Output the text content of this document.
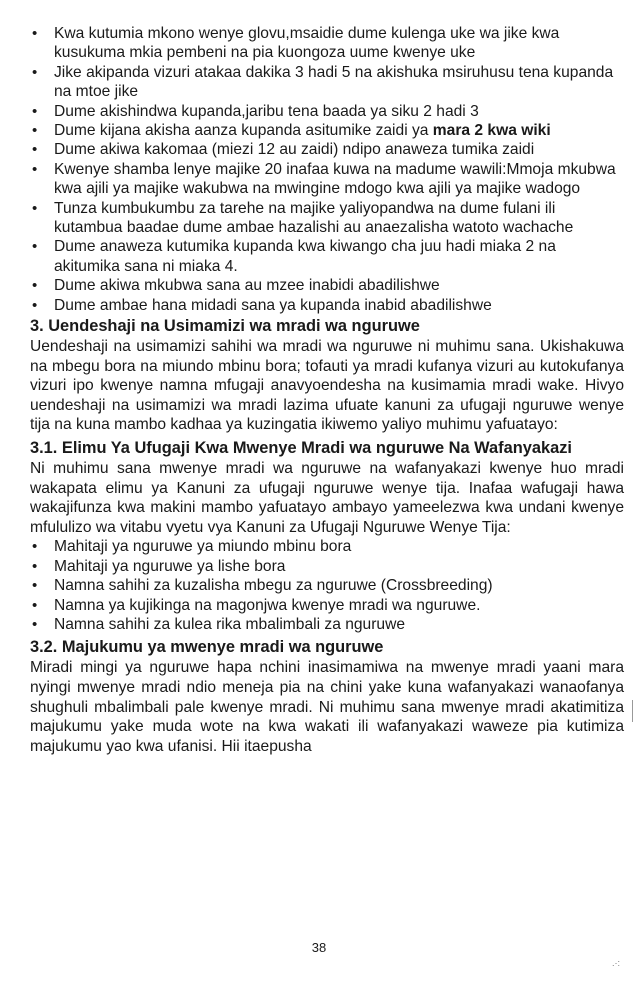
• Kwa kutumia mkono wenye glovu,msaidie dume kulenga uke wa jike kwa kusukuma mkia pembeni na pia kuongoza uume kwenye uke
• Jike akipanda vizuri atakaa dakika 3 hadi 5 na akishuka msiruhusu tena kupanda na mtoe jike
• Dume akishindwa kupanda,jaribu tena baada ya siku 2 hadi 3
• Dume kijana akisha aanza kupanda asitumike zaidi ya mara 2 kwa wiki
• Dume akiwa kakomaa (miezi 12 au zaidi) ndipo anaweza tumika zaidi
• Kwenye shamba lenye majike 20 inafaa kuwa na madume wawili:Mmoja mkubwa kwa ajili ya majike wakubwa na mwingine mdogo kwa ajili ya majike wadogo
• Tunza kumbukumbu za tarehe na majike yaliyopandwa na dume fulani ili kutambua baadae dume ambae hazalishi au anaezalisha watoto wachache
• Dume anaweza kutumika kupanda kwa kiwango cha juu hadi miaka 2 na akitumika sana ni miaka 4.
• Dume akiwa mkubwa sana au mzee inabidi abadilishwe
• Dume ambae hana midadi sana ya kupanda inabid abadilishwe
3. Uendeshaji na Usimamizi wa mradi wa nguruwe

Uendeshaji na usimamizi sahihi wa mradi wa nguruwe ni muhimu sana. Ukishakuwa na mbegu bora na miundo mbinu bora; tofauti ya mradi kufanya vizuri au kutokufanya vizuri ipo kwenye namna mfugaji anavyoendesha na kusimamia mradi wake. Hivyo uendeshaji na usimamizi wa mradi lazima ufuate kanuni za ufugaji nguruwe wenye tija na kuna mambo kadhaa ya kuzingatia ikiwemo yaliyo muhimu yafuatayo:

3.1. Elimu Ya Ufugaji Kwa Mwenye Mradi wa nguruwe Na Wafanyakazi

Ni muhimu sana mwenye mradi wa nguruwe na wafanyakazi kwenye huo mradi wakapata elimu ya Kanuni za ufugaji nguruwe wenye tija. Inafaa wafugaji hawa wakajifunza kwa makini mambo yafuatayo ambayo yameelezwa kwa undani kwenye mfululizo wa vitabu vyetu vya Kanuni za Ufugaji Nguruwe Wenye Tija:

• Mahitaji ya nguruwe ya miundo mbinu bora
• Mahitaji ya nguruwe ya lishe bora
• Namna sahihi za kuzalisha mbegu za nguruwe (Crossbreeding)
• Namna ya kujikinga na magonjwa kwenye mradi wa nguruwe.
• Namna sahihi za kulea rika mbalimbali za nguruwe
3.2. Majukumu ya mwenye mradi wa nguruwe

Miradi mingi ya nguruwe hapa nchini inasimamiwa na mwenye mradi yaani mara nyingi mwenye mradi ndio meneja pia na chini yake kuna wafanyakazi wanaofanya shughuli mbalimbali pale kwenye mradi. Ni muhimu sana mwenye mradi akatimitiza majukumu yake muda wote na kwa wakati ili wafanyakazi waweze pia kutimiza majukumu yao kwa ufanisi. Hii itaepusha

38
.·:
